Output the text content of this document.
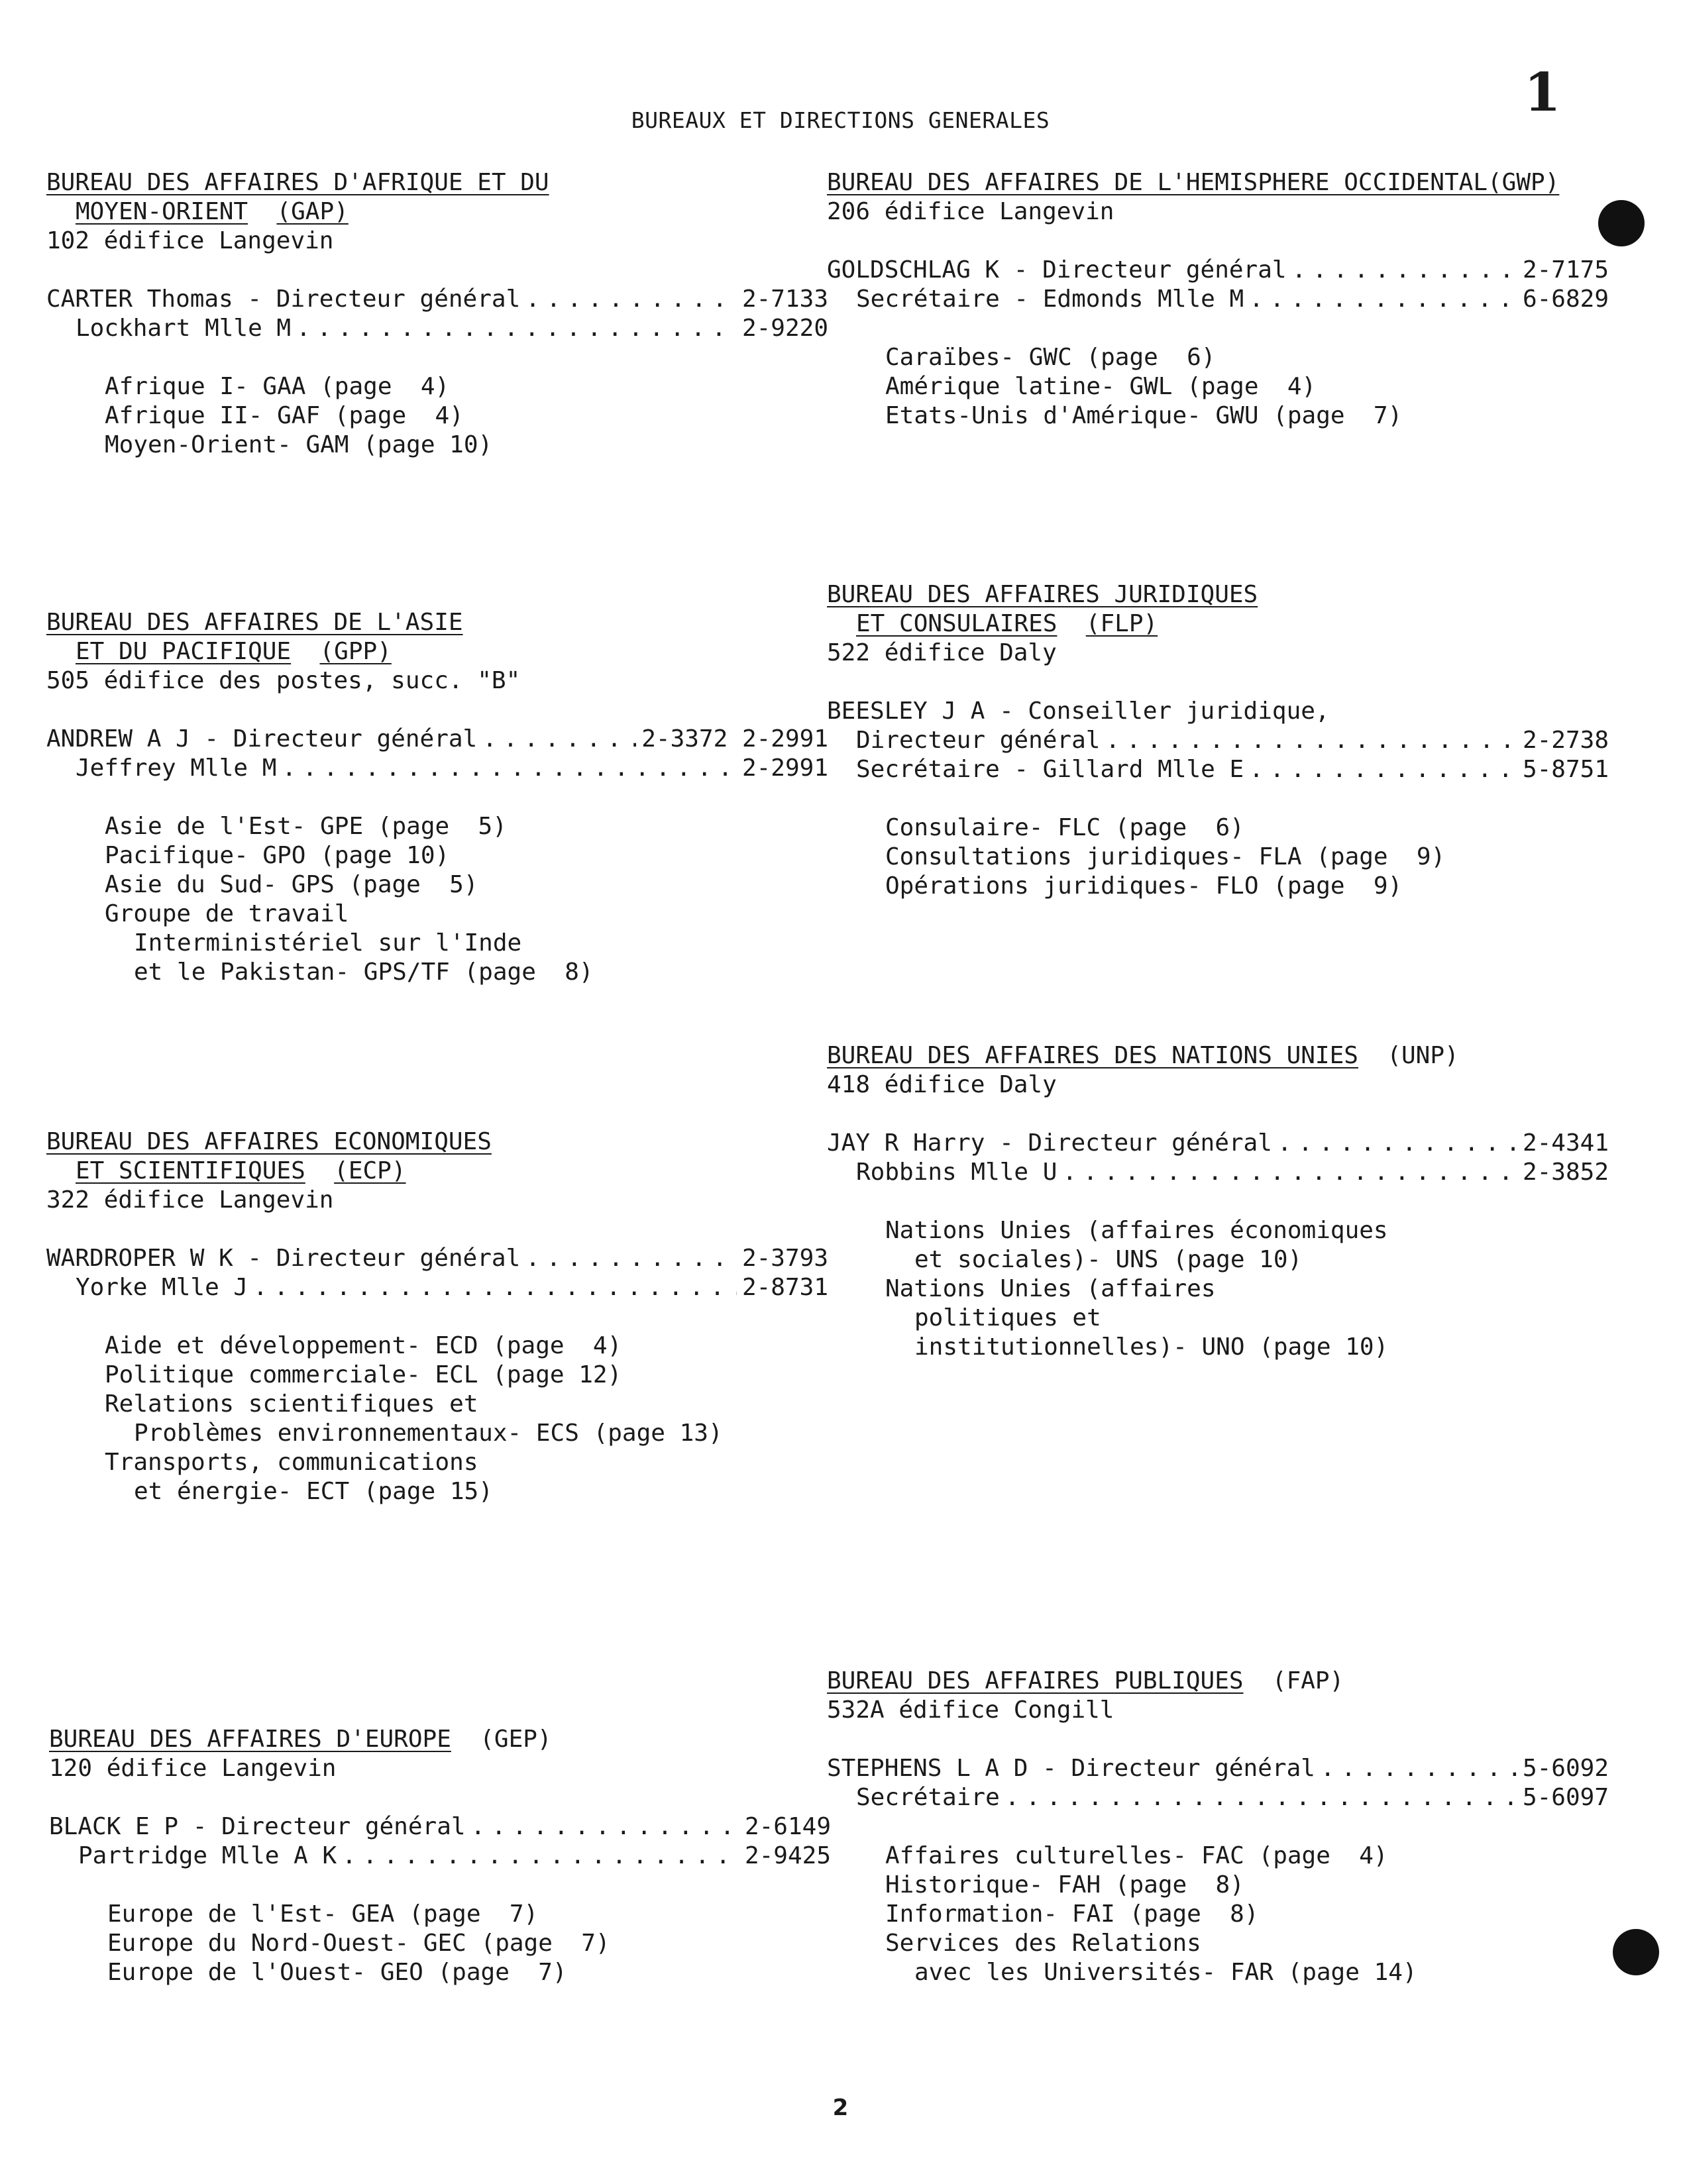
BUREAUX ET DIRECTIONS GENERALES	1
BUREAU DES AFFAIRES D'AFRIQUE ET DU
MOYEN-ORIENT (GAP)
102 édifice Langevin
CARTER Thomas - Directeur général . . .	2-7133
Lockhart Mlle M . . .	2-9220
Afrique I- GAA (page  4)
Afrique II- GAF (page  4)
Moyen-Orient- GAM (page 10)
BUREAU DES AFFAIRES DE L'HEMISPHERE OCCIDENTAL(GWP)
206 édifice Langevin
GOLDSCHLAG K - Directeur général . . .	2-7175
Secrétaire - Edmonds Mlle M . . .	6-6829
Caraïbes- GWC (page  6)
Amérique latine- GWL (page  4)
Etats-Unis d'Amérique- GWU (page  7)
BUREAU DES AFFAIRES DE L'ASIE
ET DU PACIFIQUE (GPP)
505 édifice des postes, succ. "B"
ANDREW A J - Directeur général . . .	2-3372 2-2991
Jeffrey Mlle M . . .	2-2991
Asie de l'Est- GPE (page  5)
Pacifique- GPO (page 10)
Asie du Sud- GPS (page  5)
Groupe de travail
Interministériel sur l'Inde
et le Pakistan- GPS/TF (page  8)
BUREAU DES AFFAIRES JURIDIQUES
ET CONSULAIRES (FLP)
522 édifice Daly
BEESLEY J A - Conseiller juridique,
Directeur général . . .	2-2738
Secrétaire - Gillard Mlle E . . .	5-8751
Consulaire- FLC (page  6)
Consultations juridiques- FLA (page  9)
Opérations juridiques- FLO (page  9)
BUREAU DES AFFAIRES DES NATIONS UNIES (UNP)
418 édifice Daly
JAY R Harry - Directeur général . . .	2-4341
Robbins Mlle U . . .	2-3852
Nations Unies (affaires économiques
et sociales)- UNS (page 10)
Nations Unies (affaires
politiques et
institutionnelles)- UNO (page 10)
BUREAU DES AFFAIRES ECONOMIQUES
ET SCIENTIFIQUES (ECP)
322 édifice Langevin
WARDROPER W K - Directeur général . . .	2-3793
Yorke Mlle J . . .	2-8731
Aide et développement- ECD (page  4)
Politique commerciale- ECL (page 12)
Relations scientifiques et
Problèmes environnementaux- ECS (page 13)
Transports, communications
et énergie- ECT (page 15)
BUREAU DES AFFAIRES PUBLIQUES (FAP)
532A édifice Congill
STEPHENS L A D - Directeur général . . .	5-6092
Secrétaire . . .	5-6097
Affaires culturelles- FAC (page  4)
Historique- FAH (page  8)
Information- FAI (page  8)
Services des Relations
avec les Universités- FAR (page 14)
BUREAU DES AFFAIRES D'EUROPE (GEP)
120 édifice Langevin
BLACK E P - Directeur général . . .	2-6149
Partridge Mlle A K . . .	2-9425
Europe de l'Est- GEA (page  7)
Europe du Nord-Ouest- GEC (page  7)
Europe de l'Ouest- GEO (page  7)
2
